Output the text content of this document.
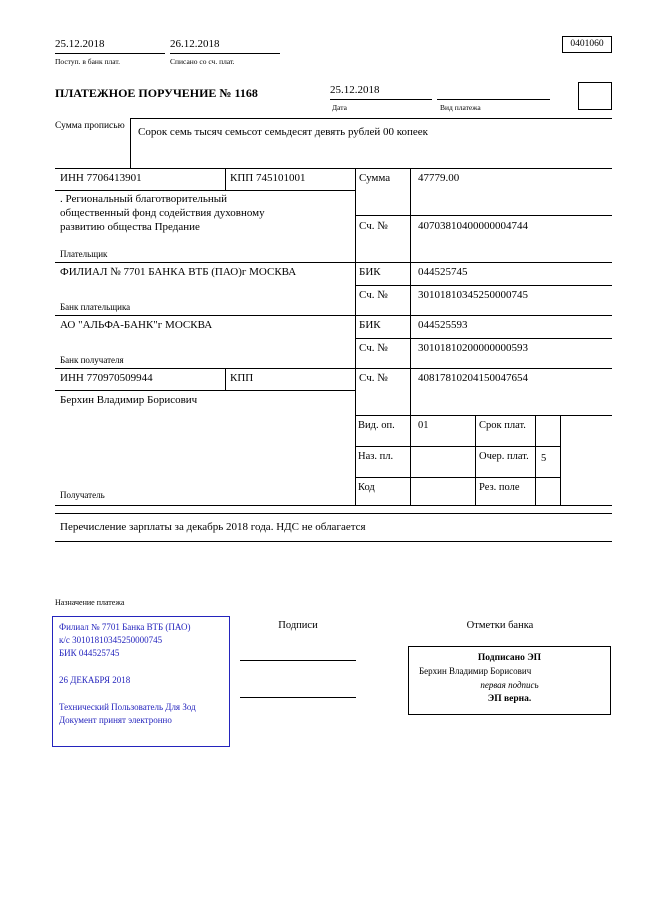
25.12.2018
Поступ. в банк плат.
26.12.2018
Списано со сч. плат.
0401060
ПЛАТЕЖНОЕ ПОРУЧЕНИЕ № 1168	25.12.2018
Дата	Вид платежа
Сумма прописью Сорок семь тысяч семьсот семьдесят девять рублей 00 копеек
ИНН 7706413901	КПП 745101001	Сумма	47779.00
. Региональный благотворительный общественный фонд содействия духовному развитию общества Предание	Сч. №	40703810400000004744
Плательщик
ФИЛИАЛ № 7701 БАНКА ВТБ (ПАО)г МОСКВА	БИК	044525745
Сч. №	30101810345250000745
Банк плательщика
АО "АЛЬФА-БАНК"г МОСКВА	БИК	044525593
Сч. №	30101810200000000593
Банк получателя
ИНН 770970509944	КПП	Сч. №	40817810204150047654
Берхин Владимир Борисович
Получатель
Вид. оп. 01	Срок плат.
Наз. пл.	Очер. плат. 5
Код	Рез. поле
Перечисление зарплаты за декабрь 2018 года. НДС не облагается
Назначение платежа
Филиал № 7701 Банка ВТБ (ПАО)
к/с 30101810345250000745
БИК 044525745
26 ДЕКАБРЯ 2018
Технический Пользователь Для Зод
Документ принят электронно
Подписи	Отметки банка
Подписано ЭП
Берхин Владимир Борисович
первая подпись
ЭП верна.
